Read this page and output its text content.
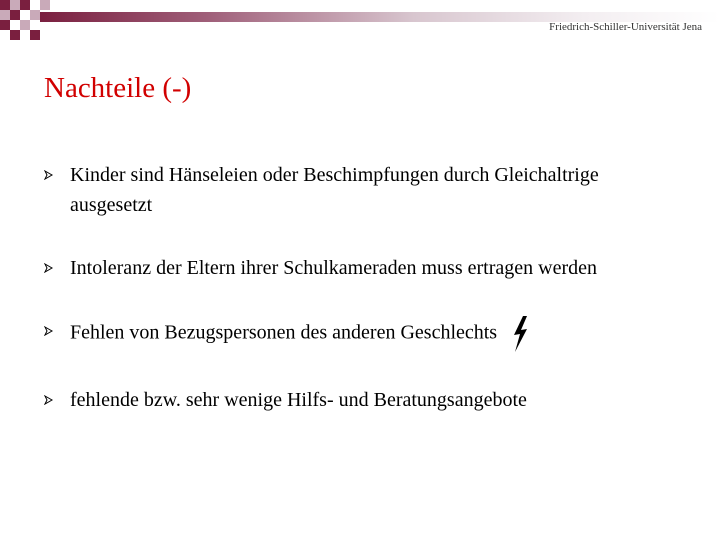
Friedrich-Schiller-Universität Jena
Nachteile (-)
Kinder sind Hänseleien oder Beschimpfungen durch Gleichaltrige ausgesetzt
Intoleranz der Eltern ihrer Schulkameraden muss ertragen werden
Fehlen von Bezugspersonen des anderen Geschlechts
fehlende bzw. sehr wenige Hilfs- und Beratungsangebote
